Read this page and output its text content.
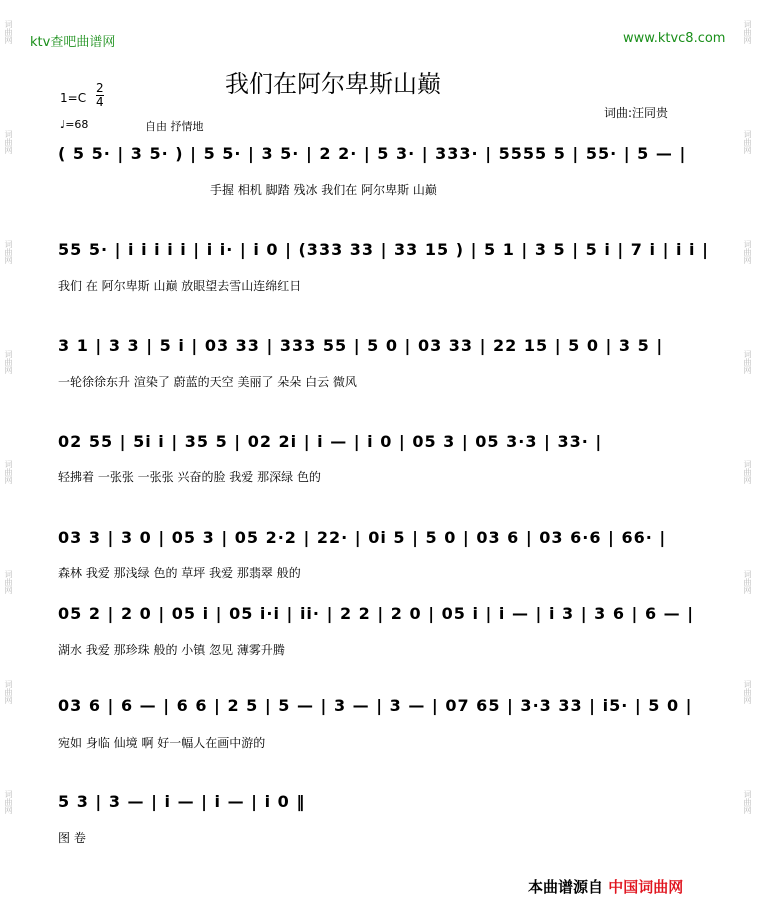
词曲网
词曲网
词曲网
词曲网
词曲网
词曲网
词曲网
词曲网
词曲网
词曲网
词曲网
词曲网
词曲网
词曲网
词曲网
词曲网
ktv查吧曲谱网	www.ktvc8.com
我们在阿尔卑斯山巅
1=C
2
4
♩=68	自由 抒情地
词曲:汪同贵
( 5 5· | 3 5· ) | 5 5· | 3 5· | 2 2· | 5 3· | 333· | 5555 5 | 55· | 5 — |
手握 相机 脚踏 残冰 我们在 阿尔卑斯 山巅
55 5· | i i i i i | i i· | i 0 | (333 33 | 33 15 ) | 5 1 | 3 5 | 5 i | 7 i | i i |
我们 在 阿尔卑斯 山巅 放眼望去雪山连绵红日
3 1 | 3 3 | 5 i | 03 33 | 333 55 | 5 0 | 03 33 | 22 15 | 5 0 | 3 5 |
一轮徐徐东升 渲染了 蔚蓝的天空 美丽了 朵朵 白云 微风
02 55 | 5i i | 35 5 | 02 2i | i — | i 0 | 05 3 | 05 3·3 | 33· |
轻拂着 一张张 一张张 兴奋的脸 我爱 那深绿 色的
03 3 | 3 0 | 05 3 | 05 2·2 | 22· | 0i 5 | 5 0 | 03 6 | 03 6·6 | 66· |
森林 我爱 那浅绿 色的 草坪 我爱 那翡翠 般的
05 2 | 2 0 | 05 i | 05 i·i | ii· | 2 2 | 2 0 | 05 i | i — | i 3 | 3 6 | 6 — |
湖水 我爱 那珍珠 般的 小镇 忽见 薄雾升腾
03 6 | 6 — | 6 6 | 2 5 | 5 — | 3 — | 3 — | 07 65 | 3·3 33 | i5· | 5 0 |
宛如 身临 仙境 啊 好一幅人在画中游的
5 3 | 3 — | i — | i — | i 0 ‖
图 卷
本曲谱源自 中国词曲网
